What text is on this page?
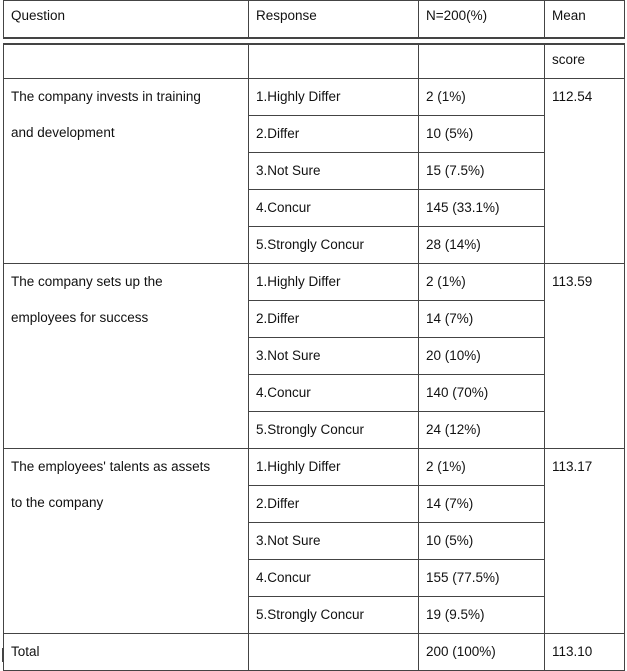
Question	Response	N=200(%)	Mean

			score

The company invests in training
and development	1.Highly Differ	2 (1%)	112.54
	2.Differ	10 (5%)	
	3.Not Sure	15 (7.5%)	
	4.Concur	145 (33.1%)	
	5.Strongly Concur	28 (14%)	

The company sets up the
employees for success	1.Highly Differ	2 (1%)	113.59
	2.Differ	14 (7%)	
	3.Not Sure	20 (10%)	
	4.Concur	140 (70%)	
	5.Strongly Concur	24 (12%)	

The employees' talents as assets
to the company	1.Highly Differ	2 (1%)	113.17
	2.Differ	14 (7%)	
	3.Not Sure	10 (5%)	
	4.Concur	155 (77.5%)	
	5.Strongly Concur	19 (9.5%)	
Total		200 (100%)	113.10
